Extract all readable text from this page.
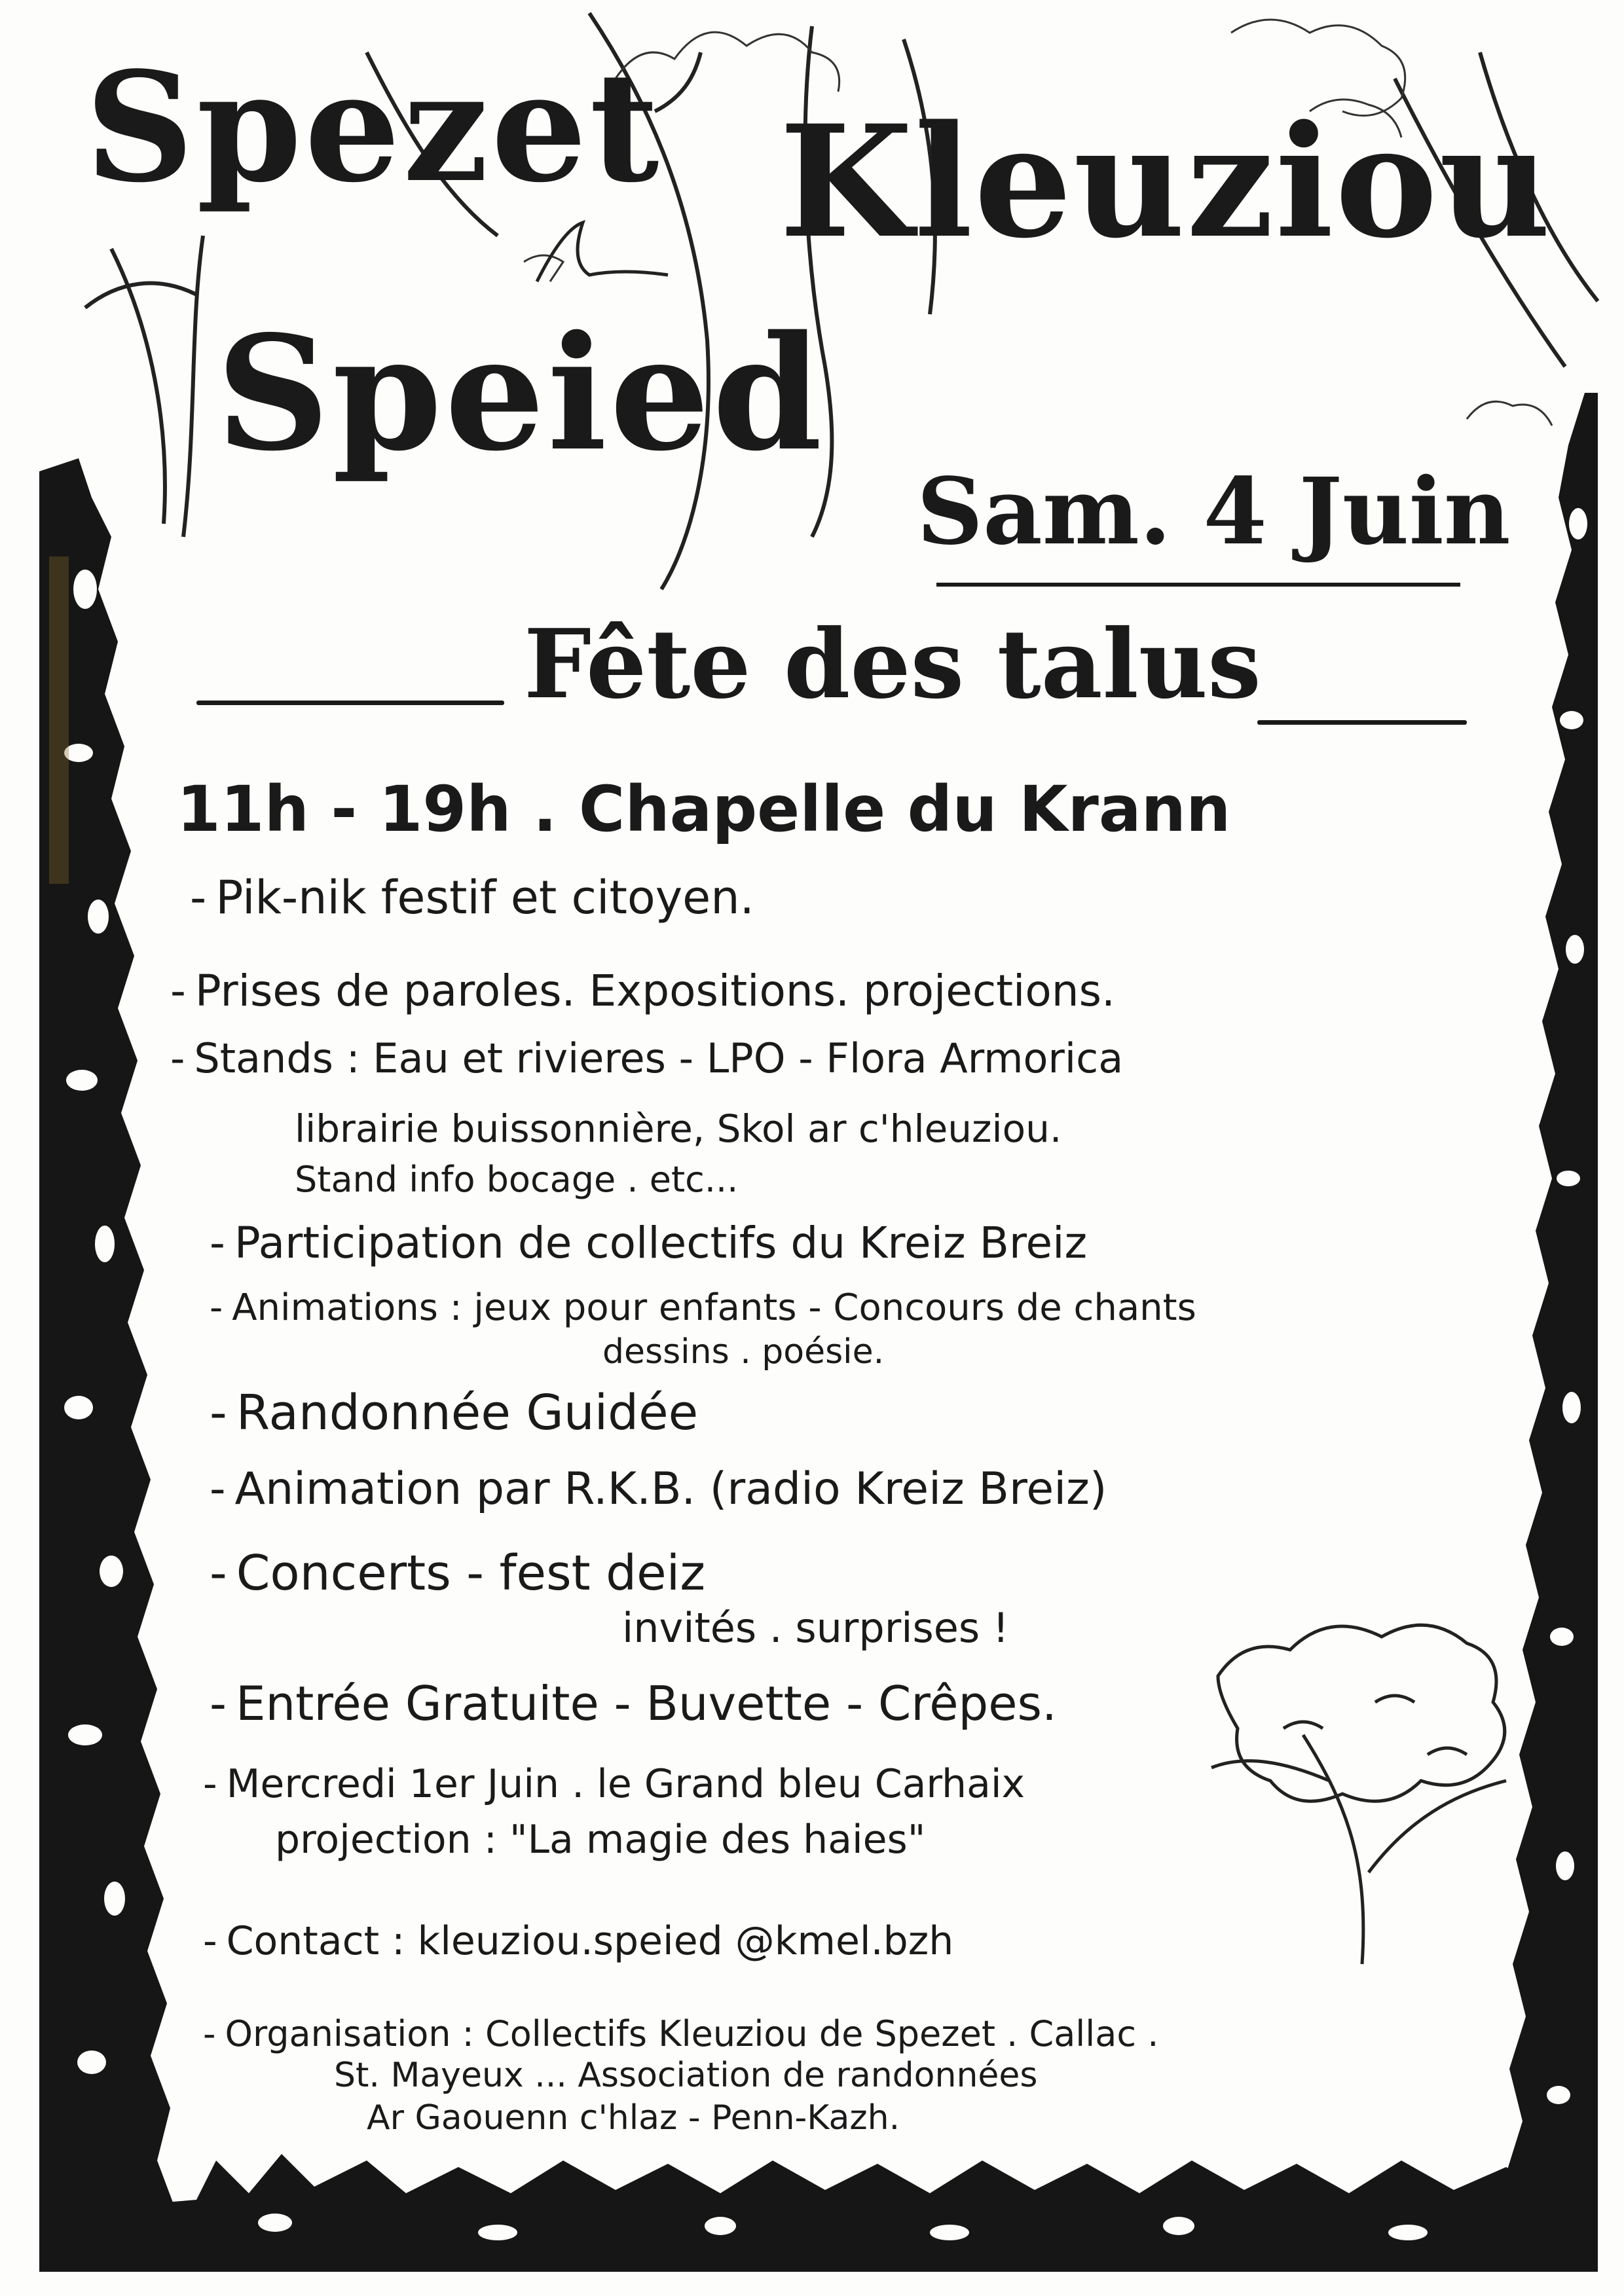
Spezet
Speied
Kleuziou
Sam. 4 Juin
Fête des talus
11h - 19h . Chapelle du Krann
- Pik-nik festif et citoyen.
- Prises de paroles. Expositions. projections.
- Stands : Eau et rivieres - LPO - Flora Armorica
librairie buissonnière, Skol ar c'hleuziou.
Stand info bocage . etc...
- Participation de collectifs du Kreiz Breiz
- Animations : jeux pour enfants - Concours de chants
dessins . poésie.
- Randonnée Guidée
- Animation par R.K.B. (radio Kreiz Breiz)
- Concerts - fest deiz
invités . surprises !
- Entrée Gratuite - Buvette - Crêpes.
- Mercredi 1er Juin . le Grand bleu Carhaix
projection : "La magie des haies"
- Contact : kleuziou.speied @kmel.bzh
- Organisation : Collectifs Kleuziou de Spezet . Callac .
St. Mayeux ... Association de randonnées
Ar Gaouenn c'hlaz - Penn-Kazh.
